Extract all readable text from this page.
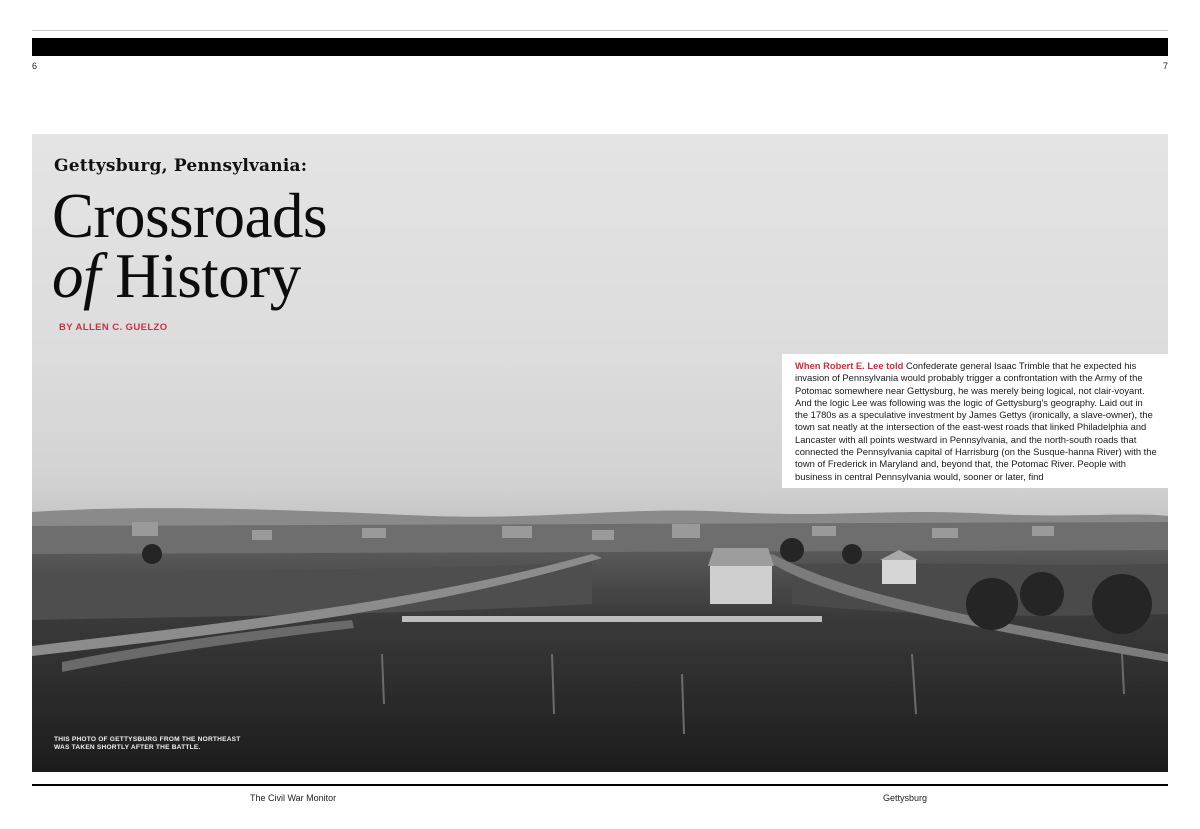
6	7
Gettysburg, Pennsylvania:
Crossroads
of History
BY ALLEN C. GUELZO

When Robert E. Lee told Confederate general Isaac Trimble that he expected his invasion of Pennsylvania would probably trigger a confrontation with the Army of the Potomac somewhere near Gettysburg, he was merely being logical, not clair-voyant. And the logic Lee was following was the logic of Gettysburg's geography. Laid out in the 1780s as a speculative investment by James Gettys (ironically, a slave-owner), the town sat neatly at the intersection of the east-west roads that linked Philadelphia and Lancaster with all points westward in Pennsylvania, and the north-south roads that connected the Pennsylvania capital of Harrisburg (on the Susque-hanna River) with the town of Frederick in Maryland and, beyond that, the Potomac River. People with business in central Pennsylvania would, sooner or later, find

THIS PHOTO OF GETTYSBURG FROM THE NORTHEAST
WAS TAKEN SHORTLY AFTER THE BATTLE.
The Civil War Monitor	Gettysburg
